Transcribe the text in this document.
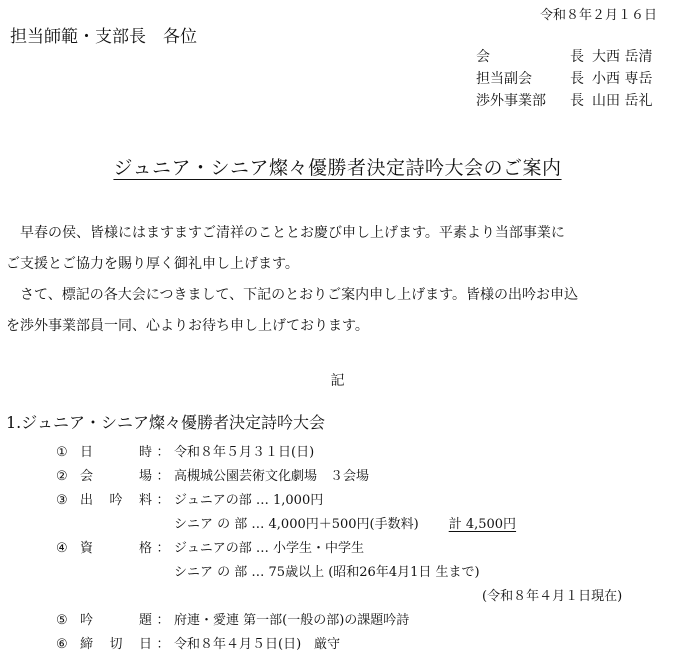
令和８年２月１６日
担当師範・支部長　各位
会	長 大西 岳清
担当副会	長 小西 専岳
渉外事業部 長 山田 岳礼
ジュニア・シニア燦々優勝者決定詩吟大会のご案内
早春の侯、皆様にはますますご清祥のこととお慶び申し上げます。平素より当部事業に
ご支援とご協力を賜り厚く御礼申し上げます。
さて、標記の各大会につきまして、下記のとおりご案内申し上げます。皆様の出吟お申込
を渉外事業部員一同、心よりお待ち申し上げております。
記
1.ジュニア・シニア燦々優勝者決定詩吟大会
① 日	時 ： 令和８年５月３１日(日)
② 会	場 ： 高槻城公園芸術文化劇場　３会場
③ 出 吟 料 ： ジュニアの部 … 1,000円
シニア の 部 … 4,000円＋500円(手数料) 計 4,500円
④ 資	格 ： ジュニアの部 … 小学生・中学生
シニア の 部 … 75歳以上 (昭和26年4月1日 生まで)
(令和８年４月１日現在)
⑤ 吟	題 ： 府連・愛連 第一部(一般の部)の課題吟詩
⑥ 締 切 日 ： 令和８年４月５日(日)　厳守
